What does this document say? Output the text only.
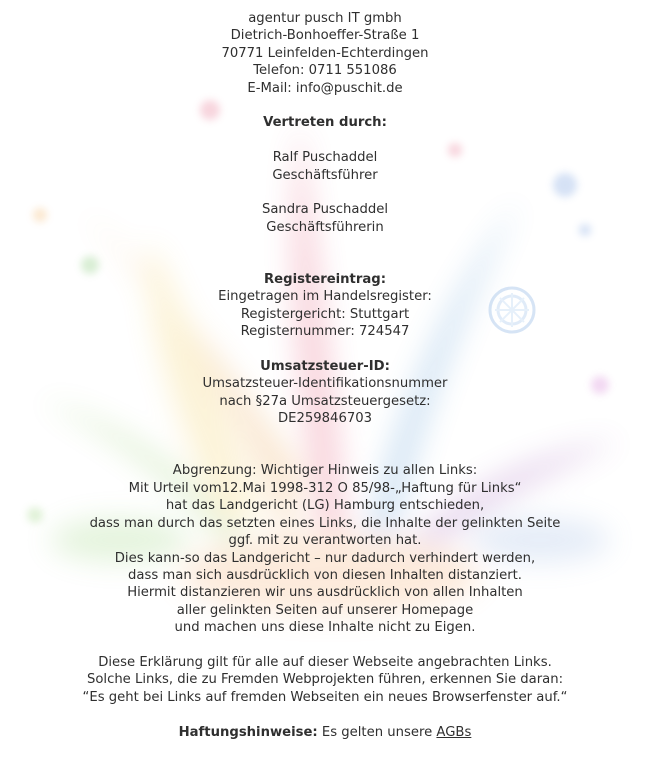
agentur pusch IT gmbh
Dietrich-Bonhoeffer-Straße 1
70771 Leinfelden-Echterdingen
Telefon: 0711 551086
E-Mail: info@puschit.de
Vertreten durch:
Ralf Puschaddel
Geschäftsführer
Sandra Puschaddel
Geschäftsführerin
Registereintrag:
Eingetragen im Handelsregister:
Registergericht: Stuttgart
Registernummer: 724547
Umsatzsteuer-ID:
Umsatzsteuer-Identifikationsnummer
nach §27a Umsatzsteuergesetz:
DE259846703
Abgrenzung: Wichtiger Hinweis zu allen Links:
Mit Urteil vom12.Mai 1998-312 O 85/98-„Haftung für Links“
hat das Landgericht (LG) Hamburg entschieden,
dass man durch das setzten eines Links, die Inhalte der gelinkten Seite
ggf. mit zu verantworten hat.
Dies kann-so das Landgericht – nur dadurch verhindert werden,
dass man sich ausdrücklich von diesen Inhalten distanziert.
Hiermit distanzieren wir uns ausdrücklich von allen Inhalten
aller gelinkten Seiten auf unserer Homepage
und machen uns diese Inhalte nicht zu Eigen.
Diese Erklärung gilt für alle auf dieser Webseite angebrachten Links.
Solche Links, die zu Fremden Webprojekten führen, erkennen Sie daran:
“Es geht bei Links auf fremden Webseiten ein neues Browserfenster auf.“
Haftungshinweise: Es gelten unsere AGBs
